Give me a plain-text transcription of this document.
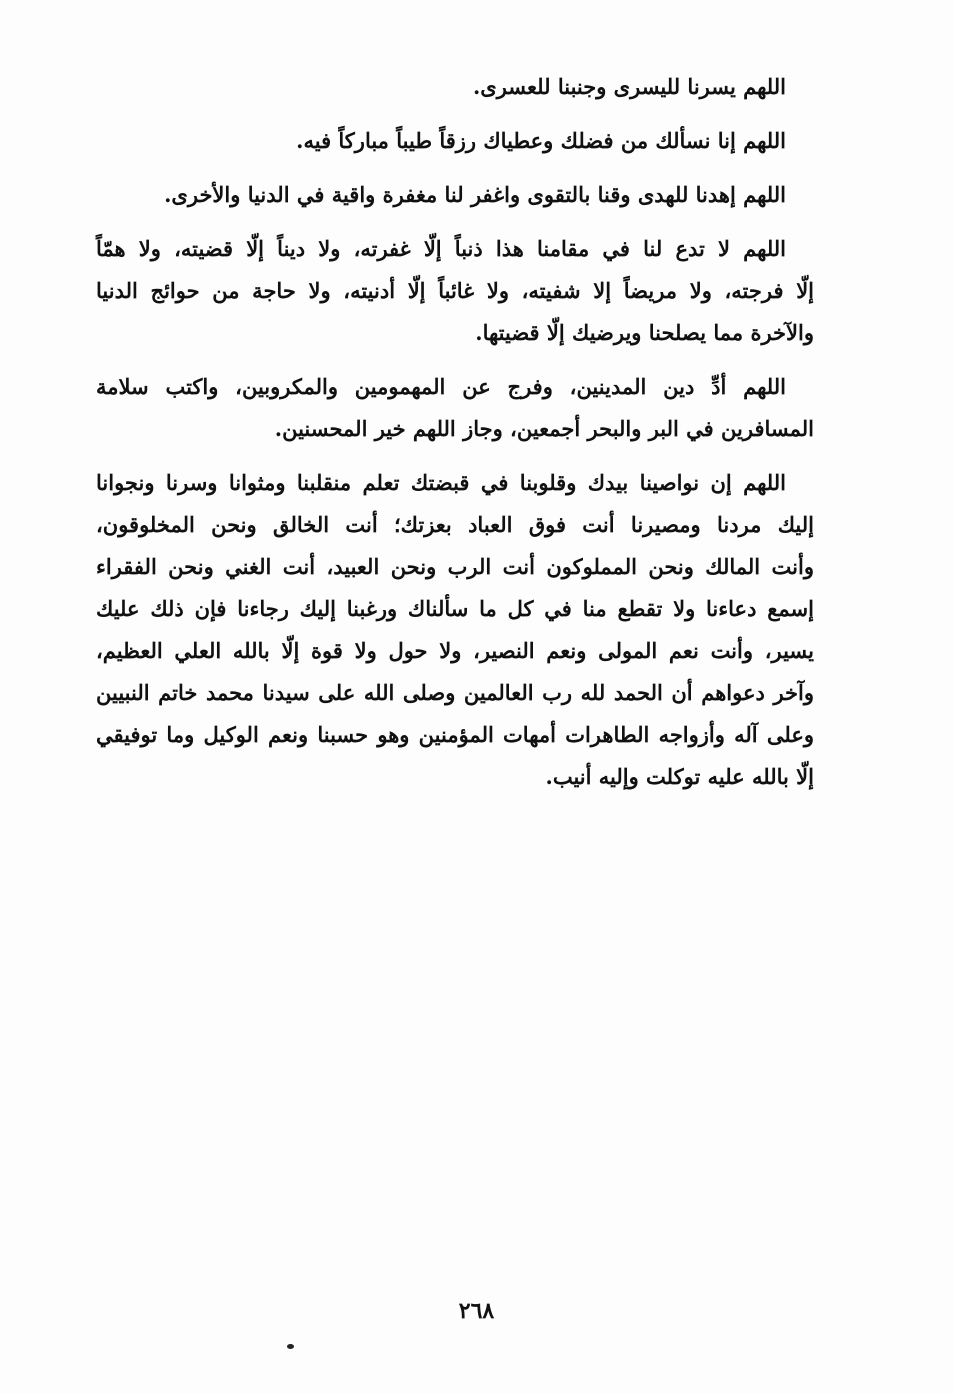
اللهم يسرنا لليسرى وجنبنا للعسرى.
اللهم إنا نسألك من فضلك وعطياك رزقاً طيباً مباركاً فيه.
اللهم إهدنا للهدى وقنا بالتقوى واغفر لنا مغفرة واقية في الدنيا والأخرى.
اللهم لا تدع لنا في مقامنا هذا ذنباً إلّا غفرته، ولا ديناً إلّا قضيته، ولا همّاً
إلّا فرجته، ولا مريضاً إلا شفيته، ولا غائباً إلّا أدنيته، ولا حاجة من حوائج الدنيا
والآخرة مما يصلحنا ويرضيك إلّا قضيتها.
اللهم أدِّ دين المدينين، وفرج عن المهمومين والمكروبين، واكتب سلامة
المسافرين في البر والبحر أجمعين، وجاز اللهم خير المحسنين.
اللهم إن نواصينا بيدك وقلوبنا في قبضتك تعلم منقلبنا ومثوانا وسرنا ونجوانا
إليك مردنا ومصيرنا أنت فوق العباد بعزتك؛ أنت الخالق ونحن المخلوقون،
وأنت المالك ونحن المملوكون أنت الرب ونحن العبيد، أنت الغني ونحن الفقراء
إسمع دعاءنا ولا تقطع منا في كل ما سألناك ورغبنا إليك رجاءنا فإن ذلك عليك
يسير، وأنت نعم المولى ونعم النصير، ولا حول ولا قوة إلّا بالله العلي العظيم،
وآخر دعواهم أن الحمد لله رب العالمين وصلى الله على سيدنا محمد خاتم النبيين
وعلى آله وأزواجه الطاهرات أمهات المؤمنين وهو حسبنا ونعم الوكيل وما توفيقي
إلّا بالله عليه توكلت وإليه أنيب.
٢٦٨
